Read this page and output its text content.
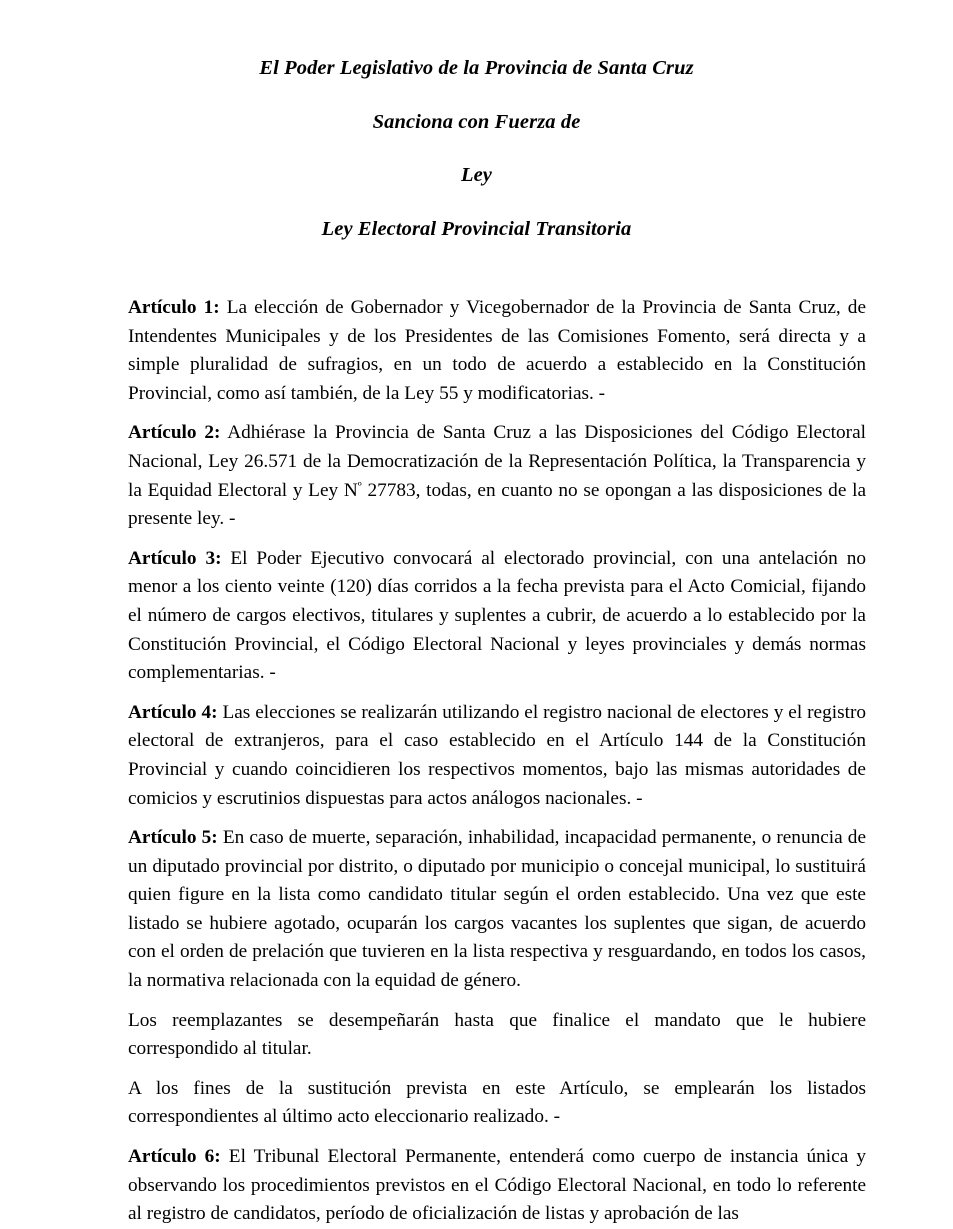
El Poder Legislativo de la Provincia de Santa Cruz

Sanciona con Fuerza de

Ley

Ley Electoral Provincial Transitoria

Artículo 1: La elección de Gobernador y Vicegobernador de la Provincia de Santa Cruz, de Intendentes Municipales y de los Presidentes de las Comisiones Fomento, será directa y a simple pluralidad de sufragios, en un todo de acuerdo a establecido en la Constitución Provincial, como así también, de la Ley 55 y modificatorias. -

Artículo 2: Adhiérase la Provincia de Santa Cruz a las Disposiciones del Código Electoral Nacional, Ley 26.571 de la Democratización de la Representación Política, la Transparencia y la Equidad Electoral y Ley $N^º$ 27783, todas, en cuanto no se opongan a las disposiciones de la presente ley. -

Artículo 3: El Poder Ejecutivo convocará al electorado provincial, con una antelación no menor a los ciento veinte (120) días corridos a la fecha prevista para el Acto Comicial, fijando el número de cargos electivos, titulares y suplentes a cubrir, de acuerdo a lo establecido por la Constitución Provincial, el Código Electoral Nacional y leyes provinciales y demás normas complementarias. -

Artículo 4: Las elecciones se realizarán utilizando el registro nacional de electores y el registro electoral de extranjeros, para el caso establecido en el Artículo 144 de la Constitución Provincial y cuando coincidieren los respectivos momentos, bajo las mismas autoridades de comicios y escrutinios dispuestas para actos análogos nacionales. -

Artículo 5: En caso de muerte, separación, inhabilidad, incapacidad permanente, o renuncia de un diputado provincial por distrito, o diputado por municipio o concejal municipal, lo sustituirá quien figure en la lista como candidato titular según el orden establecido. Una vez que este listado se hubiere agotado, ocuparán los cargos vacantes los suplentes que sigan, de acuerdo con el orden de prelación que tuvieren en la lista respectiva y resguardando, en todos los casos, la normativa relacionada con la equidad de género.

Los reemplazantes se desempeñarán hasta que finalice el mandato que le hubiere correspondido al titular.

A los fines de la sustitución prevista en este Artículo, se emplearán los listados correspondientes al último acto eleccionario realizado. -

Artículo 6: El Tribunal Electoral Permanente, entenderá como cuerpo de instancia única y observando los procedimientos previstos en el Código Electoral Nacional, en todo lo referente al registro de candidatos, período de oficialización de listas y aprobación de las
